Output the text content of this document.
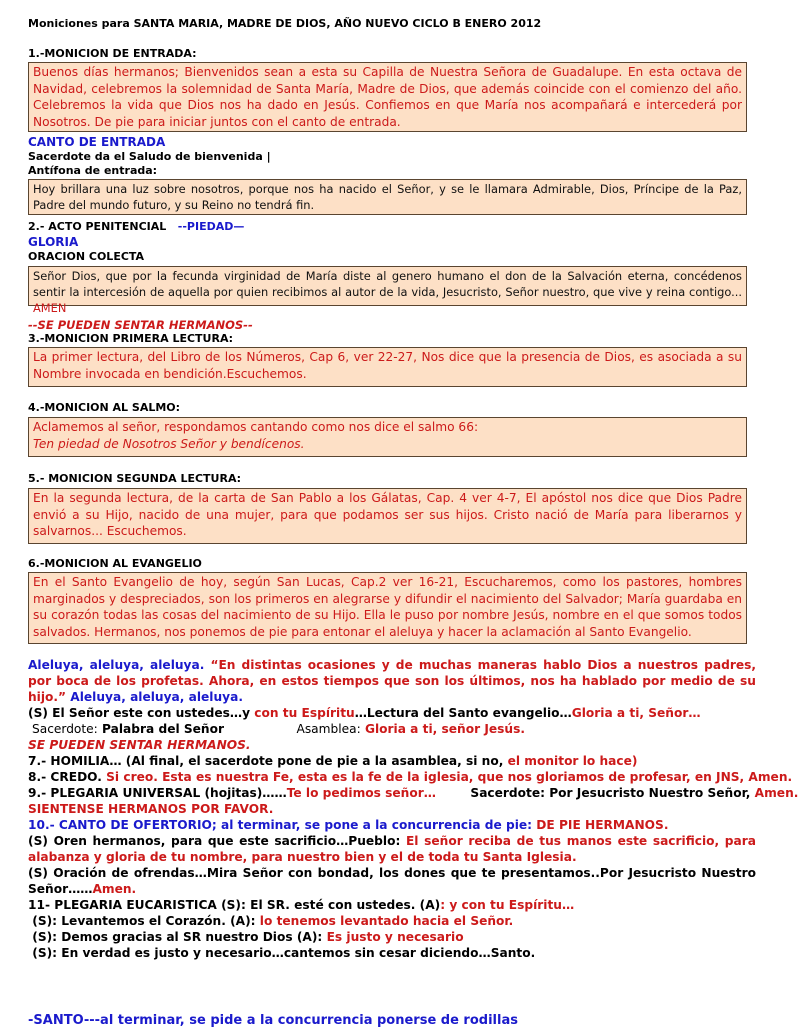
Moniciones para SANTA MARIA, MADRE DE DIOS, AÑO NUEVO CICLO B ENERO 2012
1.-MONICION DE ENTRADA:
Buenos días hermanos; Bienvenidos sean a esta su Capilla de Nuestra Señora de Guadalupe. En esta octava de Navidad, celebremos la solemnidad de Santa María, Madre de Dios, que además coincide con el comienzo del año. Celebremos la vida que Dios nos ha dado en Jesús. Confiemos en que María nos acompañará e intercederá por Nosotros. De pie para iniciar juntos con el canto de entrada.
CANTO DE ENTRADA
Sacerdote da el Saludo de bienvenida |
Antífona de entrada:
Hoy brillara una luz sobre nosotros, porque nos ha nacido el Señor, y se le llamara Admirable, Dios, Príncipe de la Paz, Padre del mundo futuro, y su Reino no tendrá fin.
2.- ACTO PENITENCIAL --PIEDAD—
GLORIA
ORACION COLECTA
Señor Dios, que por la fecunda virginidad de María diste al genero humano el don de la Salvación eterna, concédenos sentir la intercesión de aquella por quien recibimos al autor de la vida, Jesucristo, Señor nuestro, que vive y reina contigo... AMEN
--SE PUEDEN SENTAR HERMANOS--
3.-MONICION PRIMERA LECTURA:
La primer lectura, del Libro de los Números, Cap 6, ver 22-27, Nos dice que la presencia de Dios, es asociada a su Nombre invocada en bendición.Escuchemos.
4.-MONICION AL SALMO:
Aclamemos al señor, respondamos cantando como nos dice el salmo 66:
Ten piedad de Nosotros Señor y bendícenos.
5.- MONICION SEGUNDA LECTURA:
En la segunda lectura, de la carta de San Pablo a los Gálatas, Cap. 4 ver 4-7, El apóstol nos dice que Dios Padre envió a su Hijo, nacido de una mujer, para que podamos ser sus hijos. Cristo nació de María para liberarnos y salvarnos... Escuchemos.
6.-MONICION AL EVANGELIO
En el Santo Evangelio de hoy, según San Lucas, Cap.2 ver 16-21, Escucharemos, como los pastores, hombres marginados y despreciados, son los primeros en alegrarse y difundir el nacimiento del Salvador; María guardaba en su corazón todas las cosas del nacimiento de su Hijo. Ella le puso por nombre Jesús, nombre en el que somos todos salvados. Hermanos, nos ponemos de pie para entonar el aleluya y hacer la aclamación al Santo Evangelio.
Aleluya, aleluya, aleluya. “En distintas ocasiones y de muchas maneras hablo Dios a nuestros padres, por boca de los profetas. Ahora, en estos tiempos que son los últimos, nos ha hablado por medio de su hijo.” Aleluya, aleluya, aleluya.
(S) El Señor este con ustedes…y con tu Espíritu…Lectura del Santo evangelio…Gloria a ti, Señor…
Sacerdote: Palabra del Señor	Asamblea: Gloria a ti, señor Jesús.
SE PUEDEN SENTAR HERMANOS.
7.- HOMILIA… (Al final, el sacerdote pone de pie a la asamblea, si no, el monitor lo hace)
8.- CREDO. Si creo. Esta es nuestra Fe, esta es la fe de la iglesia, que nos gloriamos de profesar, en JNS, Amen.
9.- PLEGARIA UNIVERSAL (hojitas)……Te lo pedimos señor…	Sacerdote: Por Jesucristo Nuestro Señor, Amen.
SIENTENSE HERMANOS POR FAVOR.
10.- CANTO DE OFERTORIO; al terminar, se pone a la concurrencia de pie: DE PIE HERMANOS.
(S) Oren hermanos, para que este sacrificio…Pueblo: El señor reciba de tus manos este sacrificio, para alabanza y gloria de tu nombre, para nuestro bien y el de toda tu Santa Iglesia.
(S) Oración de ofrendas…Mira Señor con bondad, los dones que te presentamos..Por Jesucristo Nuestro Señor……Amen.
11- PLEGARIA EUCARISTICA (S): El SR. esté con ustedes. (A): y con tu Espíritu…
(S): Levantemos el Corazón. (A): lo tenemos levantado hacia el Señor.
(S): Demos gracias al SR nuestro Dios (A): Es justo y necesario
(S): En verdad es justo y necesario…cantemos sin cesar diciendo…Santo.
-SANTO---al terminar, se pide a la concurrencia ponerse de rodillas
